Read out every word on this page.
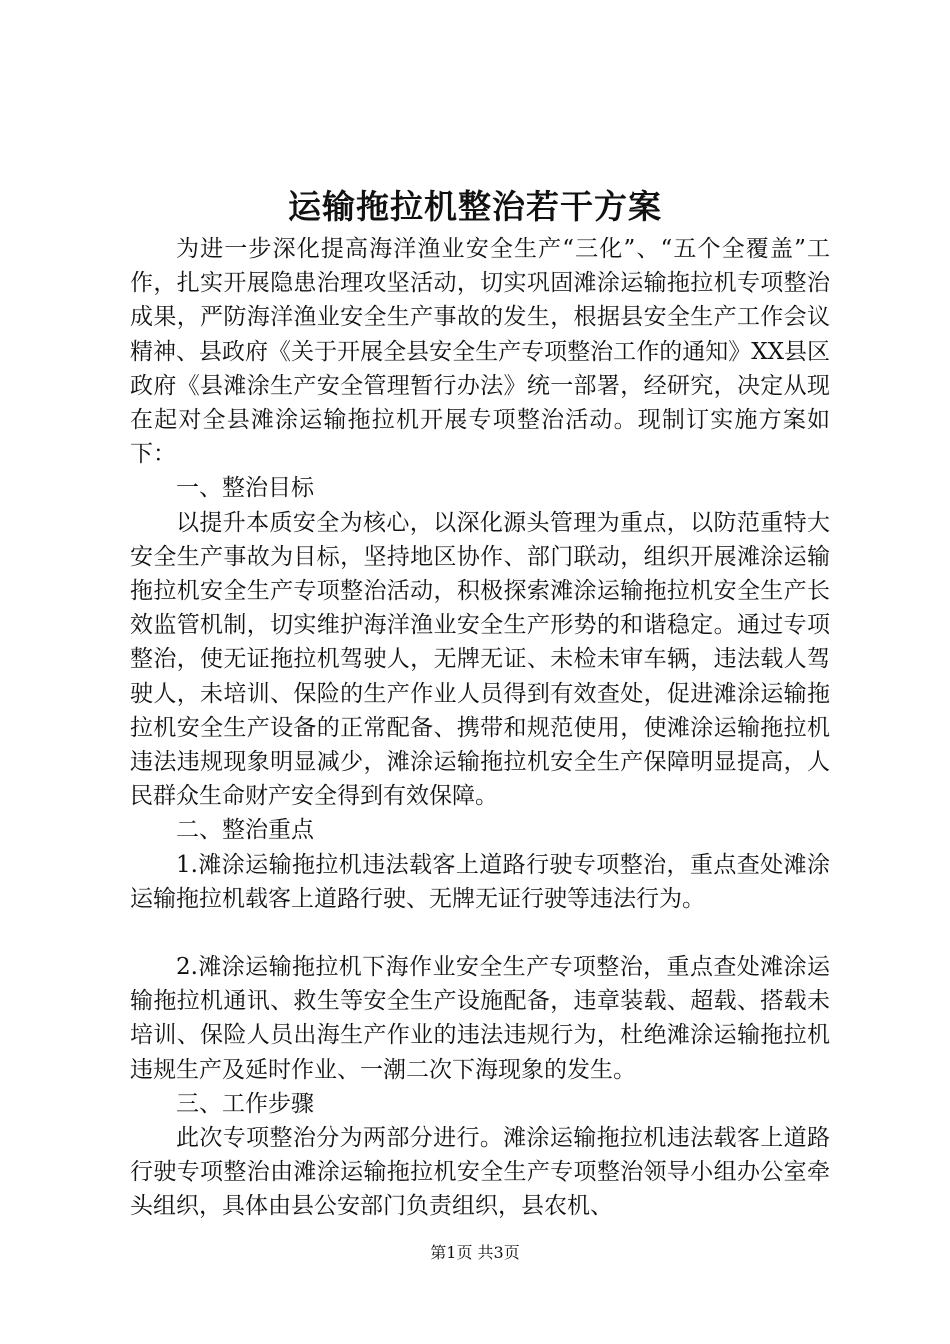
运输拖拉机整治若干方案

为进一步深化提高海洋渔业安全生产“三化”、“五个全覆盖”工作，扎实开展隐患治理攻坚活动，切实巩固滩涂运输拖拉机专项整治成果，严防海洋渔业安全生产事故的发生，根据县安全生产工作会议精神、县政府《关于开展全县安全生产专项整治工作的通知》XX县区政府《县滩涂生产安全管理暂行办法》统一部署，经研究，决定从现在起对全县滩涂运输拖拉机开展专项整治活动。现制订实施方案如下：

一、整治目标

以提升本质安全为核心，以深化源头管理为重点，以防范重特大安全生产事故为目标，坚持地区协作、部门联动，组织开展滩涂运输拖拉机安全生产专项整治活动，积极探索滩涂运输拖拉机安全生产长效监管机制，切实维护海洋渔业安全生产形势的和谐稳定。通过专项整治，使无证拖拉机驾驶人，无牌无证、未检未审车辆，违法载人驾驶人，未培训、保险的生产作业人员得到有效查处，促进滩涂运输拖拉机安全生产设备的正常配备、携带和规范使用，使滩涂运输拖拉机违法违规现象明显减少，滩涂运输拖拉机安全生产保障明显提高，人民群众生命财产安全得到有效保障。

二、整治重点

1.滩涂运输拖拉机违法载客上道路行驶专项整治，重点查处滩涂运输拖拉机载客上道路行驶、无牌无证行驶等违法行为。

2.滩涂运输拖拉机下海作业安全生产专项整治，重点查处滩涂运输拖拉机通讯、救生等安全生产设施配备，违章装载、超载、搭载未培训、保险人员出海生产作业的违法违规行为，杜绝滩涂运输拖拉机违规生产及延时作业、一潮二次下海现象的发生。

三、工作步骤

此次专项整治分为两部分进行。滩涂运输拖拉机违法载客上道路行驶专项整治由滩涂运输拖拉机安全生产专项整治领导小组办公室牵头组织，具体由县公安部门负责组织，县农机、

第1页 共3页
